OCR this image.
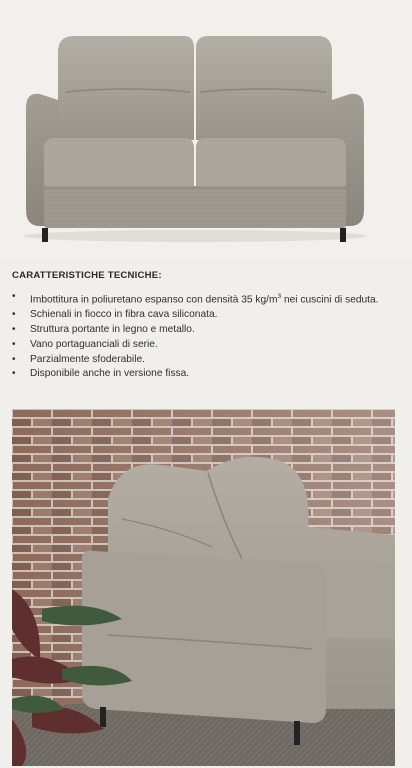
CARATTERISTICHE TECNICHE:
• Imbottitura in poliuretano espanso con densità 35 $kg/m^3$ nei cuscini di seduta.
• Schienali in fiocco in fibra cava siliconata.
• Struttura portante in legno e metallo.
• Vano portaguanciali di serie.
• Parzialmente sfoderabile.
• Disponibile anche in versione fissa.
